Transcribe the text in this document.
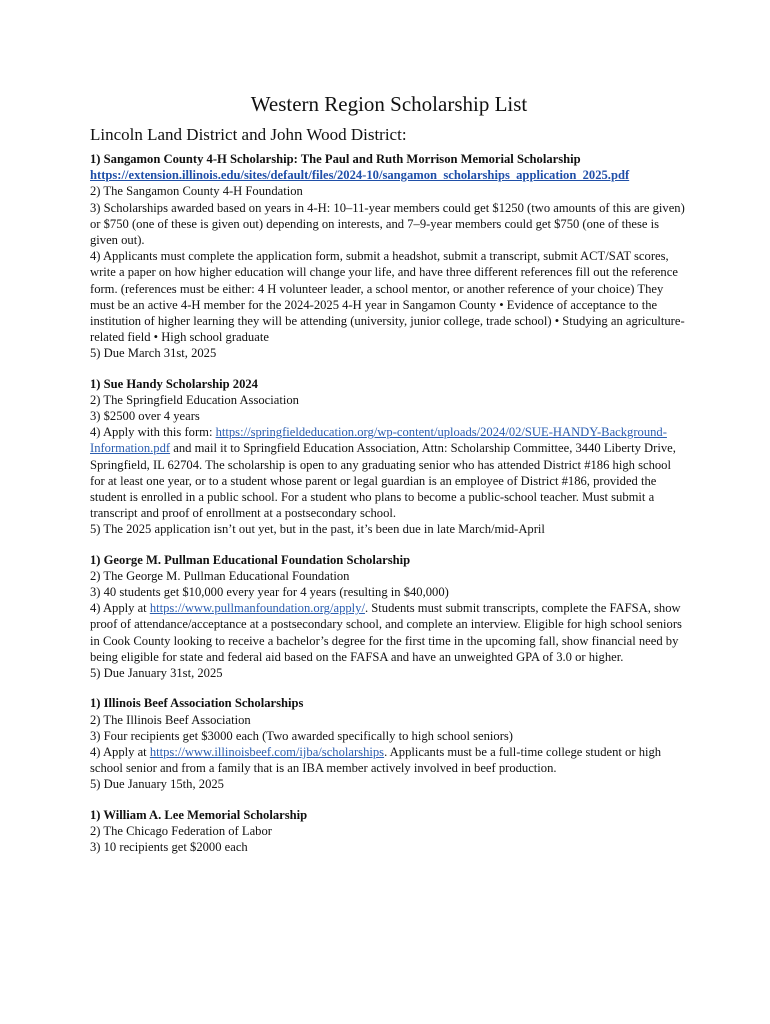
Western Region Scholarship List
Lincoln Land District and John Wood District:
1) Sangamon County 4-H Scholarship: The Paul and Ruth Morrison Memorial Scholarship
https://extension.illinois.edu/sites/default/files/2024-10/sangamon_scholarships_application_2025.pdf
2) The Sangamon County 4-H Foundation
3) Scholarships awarded based on years in 4-H: 10–11-year members could get $1250 (two amounts of this are given) or $750 (one of these is given out) depending on interests, and 7–9-year members could get $750 (one of these is given out).
4) Applicants must complete the application form, submit a headshot, submit a transcript, submit ACT/SAT scores, write a paper on how higher education will change your life, and have three different references fill out the reference form. (references must be either: 4 H volunteer leader, a school mentor, or another reference of your choice) They must be an active 4-H member for the 2024-2025 4-H year in Sangamon County • Evidence of acceptance to the institution of higher learning they will be attending (university, junior college, trade school) • Studying an agriculture-related field • High school graduate
5) Due March 31st, 2025
1) Sue Handy Scholarship 2024
2) The Springfield Education Association
3) $2500 over 4 years
4) Apply with this form: https://springfieldeducation.org/wp-content/uploads/2024/02/SUE-HANDY-Background-Information.pdf and mail it to Springfield Education Association, Attn: Scholarship Committee, 3440 Liberty Drive, Springfield, IL 62704. The scholarship is open to any graduating senior who has attended District #186 high school for at least one year, or to a student whose parent or legal guardian is an employee of District #186, provided the student is enrolled in a public school. For a student who plans to become a public-school teacher. Must submit a transcript and proof of enrollment at a postsecondary school.
5) The 2025 application isn’t out yet, but in the past, it’s been due in late March/mid-April
1) George M. Pullman Educational Foundation Scholarship
2) The George M. Pullman Educational Foundation
3) 40 students get $10,000 every year for 4 years (resulting in $40,000)
4) Apply at https://www.pullmanfoundation.org/apply/. Students must submit transcripts, complete the FAFSA, show proof of attendance/acceptance at a postsecondary school, and complete an interview. Eligible for high school seniors in Cook County looking to receive a bachelor’s degree for the first time in the upcoming fall, show financial need by being eligible for state and federal aid based on the FAFSA and have an unweighted GPA of 3.0 or higher.
5) Due January 31st, 2025
1) Illinois Beef Association Scholarships
2) The Illinois Beef Association
3) Four recipients get $3000 each (Two awarded specifically to high school seniors)
4) Apply at https://www.illinoisbeef.com/ijba/scholarships. Applicants must be a full-time college student or high school senior and from a family that is an IBA member actively involved in beef production.
5) Due January 15th, 2025
1) William A. Lee Memorial Scholarship
2) The Chicago Federation of Labor
3) 10 recipients get $2000 each
